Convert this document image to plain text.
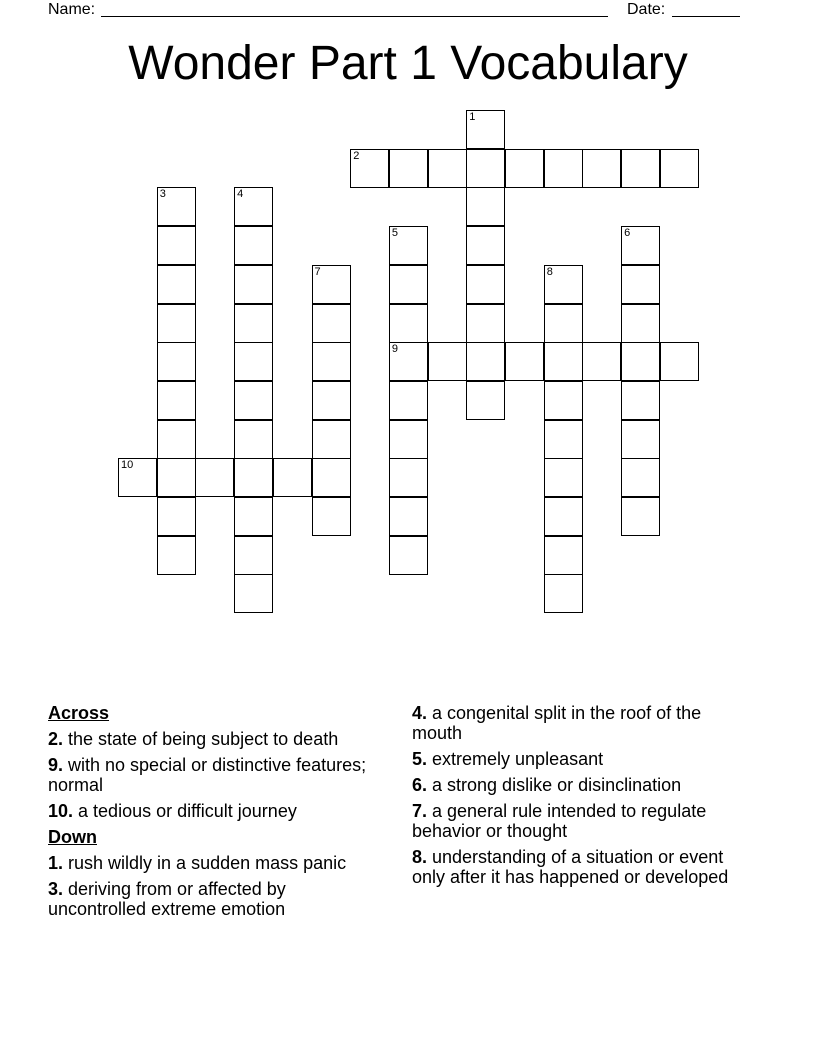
Name:	Date:
Wonder Part 1 Vocabulary
1
2
3	4
5
9
6
7	8
10
Across
2. the state of being subject to death
9. with no special or distinctive features; normal
10. a tedious or difficult journey
Down
1. rush wildly in a sudden mass panic
3. deriving from or affected by uncontrolled extreme emotion
4. a congenital split in the roof of the mouth
5. extremely unpleasant
6. a strong dislike or disinclination
7. a general rule intended to regulate behavior or thought
8. understanding of a situation or event only after it has happened or developed
